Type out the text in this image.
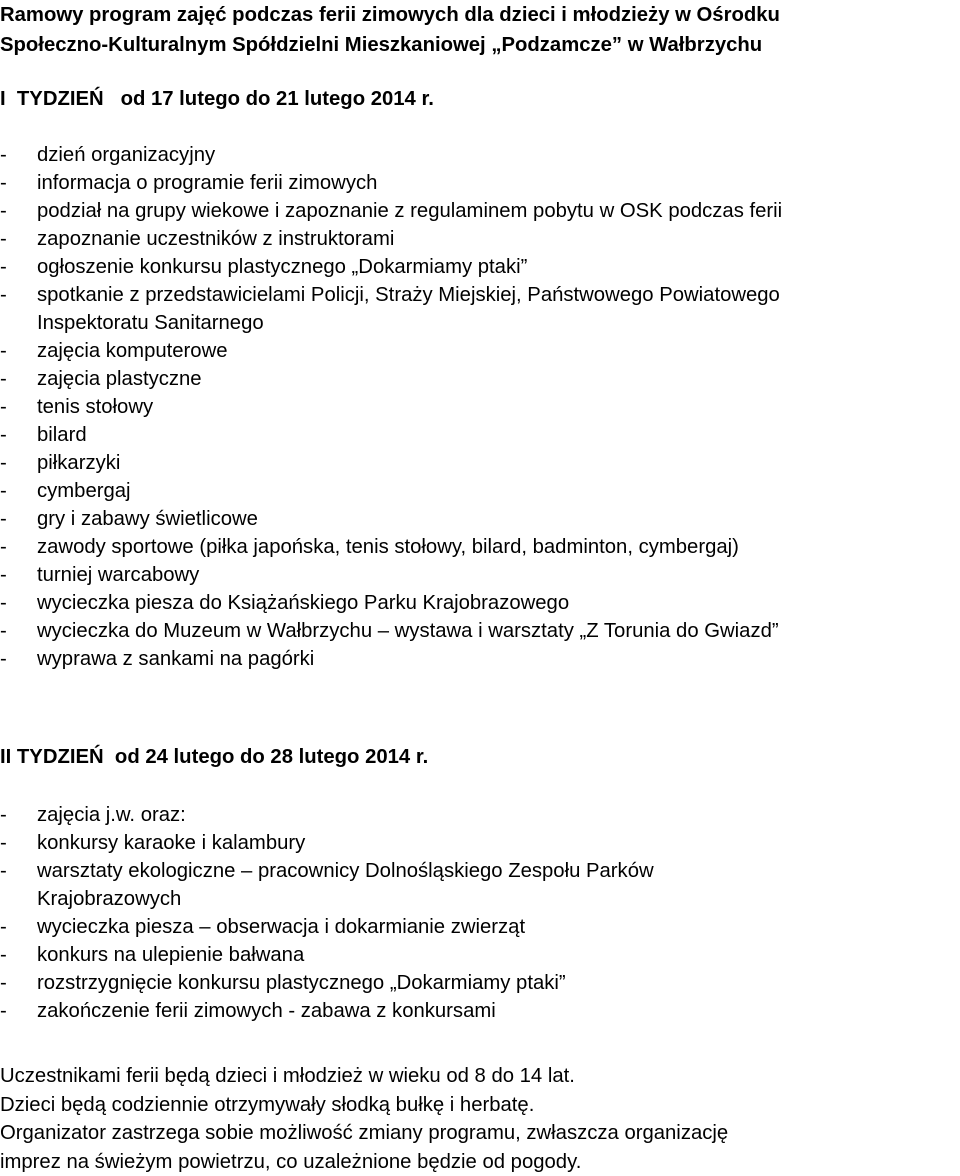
Ramowy program zajęć podczas ferii zimowych dla dzieci i młodzieży w Ośrodku
Społeczno-Kulturalnym Spółdzielni Mieszkaniowej „Podzamcze” w Wałbrzychu
I  TYDZIEŃ   od 17 lutego do 21 lutego 2014 r.
-	dzień organizacyjny
-	informacja o programie ferii zimowych
-	podział na grupy wiekowe i zapoznanie z regulaminem pobytu w OSK podczas ferii
-	zapoznanie uczestników z instruktorami
-	ogłoszenie konkursu plastycznego „Dokarmiamy ptaki”
-	spotkanie z przedstawicielami Policji, Straży Miejskiej, Państwowego Powiatowego
Inspektoratu Sanitarnego
-	zajęcia komputerowe
-	zajęcia plastyczne
-	tenis stołowy
-	bilard
-	piłkarzyki
-	cymbergaj
-	gry i zabawy świetlicowe
-	zawody sportowe (piłka japońska, tenis stołowy, bilard, badminton, cymbergaj)
-	turniej warcabowy
-	wycieczka piesza do Książańskiego Parku Krajobrazowego
-	wycieczka do Muzeum w Wałbrzychu – wystawa i warsztaty „Z Torunia do Gwiazd”
-	wyprawa z sankami na pagórki
II TYDZIEŃ  od 24 lutego do 28 lutego 2014 r.
-	zajęcia j.w. oraz:
-	konkursy karaoke i kalambury
-	warsztaty ekologiczne – pracownicy Dolnośląskiego Zespołu Parków
Krajobrazowych
-	wycieczka piesza – obserwacja i dokarmianie zwierząt
-	konkurs na ulepienie bałwana
-	rozstrzygnięcie konkursu plastycznego „Dokarmiamy ptaki”
-	zakończenie ferii zimowych - zabawa z konkursami

Uczestnikami ferii będą dzieci i młodzież w wieku od 8 do 14 lat.

Dzieci będą codziennie otrzymywały słodką bułkę i herbatę.

Organizator zastrzega sobie możliwość zmiany programu, zwłaszcza organizację

imprez na świeżym powietrzu, co uzależnione będzie od pogody.
